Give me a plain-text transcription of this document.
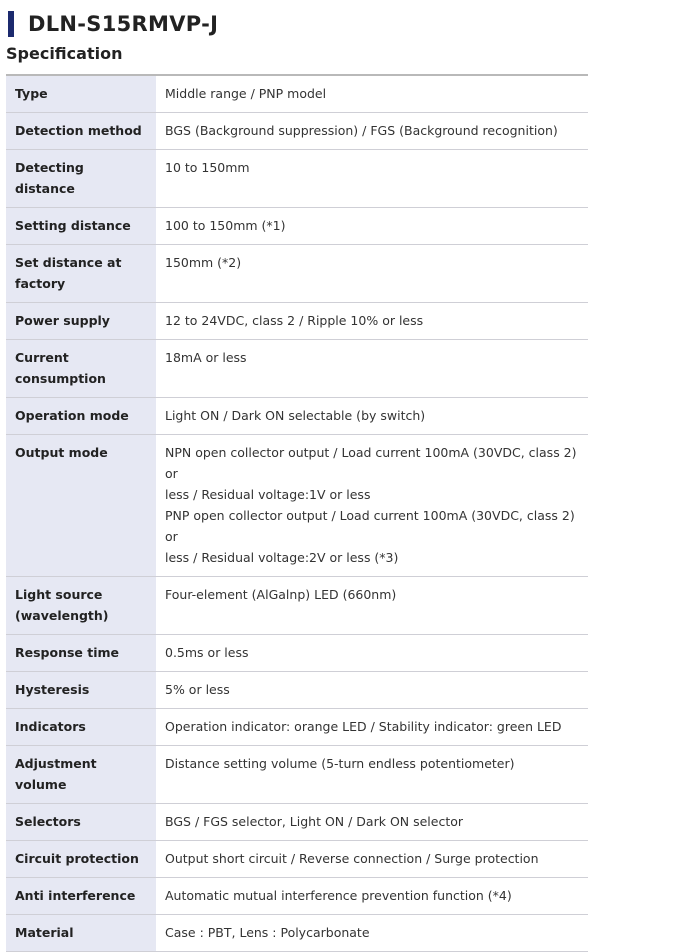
DLN-S15RMVP-J
Specification
Type	Middle range / PNP model
Detection method	BGS (Background suppression) / FGS (Background recognition)
Detecting distance	10 to 150mm
Setting distance	100 to 150mm (*1)
Set distance at
factory	150mm (*2)
Power supply	12 to 24VDC, class 2 / Ripple 10% or less
Current consumption	18mA or less
Operation mode	Light ON / Dark ON selectable (by switch)
Output mode	NPN open collector output / Load current 100mA (30VDC, class 2) or
less / Residual voltage:1V or less
PNP open collector output / Load current 100mA (30VDC, class 2) or
less / Residual voltage:2V or less (*3)
Light source
(wavelength)	Four-element (AlGalnp) LED (660nm)
Response time	0.5ms or less
Hysteresis	5% or less
Indicators	Operation indicator: orange LED / Stability indicator: green LED
Adjustment volume	Distance setting volume (5-turn endless potentiometer)
Selectors	BGS / FGS selector, Light ON / Dark ON selector
Circuit protection	Output short circuit / Reverse connection / Surge protection
Anti interference	Automatic mutual interference prevention function (*4)
Material	Case : PBT, Lens : Polycarbonate
